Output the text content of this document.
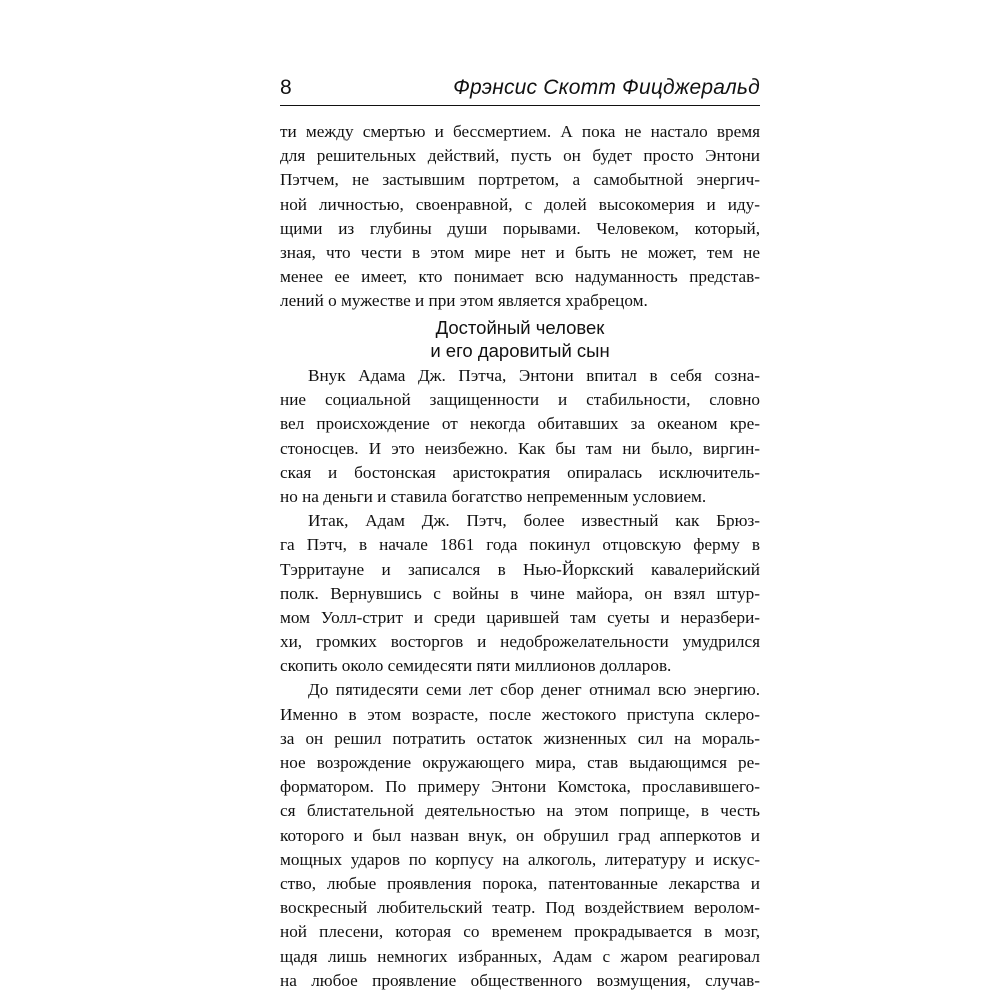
8	Фрэнсис Скотт Фицджеральд
ти между смертью и бессмертием. А пока не настало время
для решительных действий, пусть он будет просто Энтони
Пэтчем, не застывшим портретом, а самобытной энергич-
ной личностью, своенравной, с долей высокомерия и иду-
щими из глубины души порывами. Человеком, который,
зная, что чести в этом мире нет и быть не может, тем не
менее ее имеет, кто понимает всю надуманность представ-
лений о мужестве и при этом является храбрецом.
Достойный человек
и его даровитый сын
Внук Адама Дж. Пэтча, Энтони впитал в себя созна-
ние социальной защищенности и стабильности, словно
вел происхождение от некогда обитавших за океаном кре-
стоносцев. И это неизбежно. Как бы там ни было, виргин-
ская и бостонская аристократия опиралась исключитель-
но на деньги и ставила богатство непременным условием.
Итак, Адам Дж. Пэтч, более известный как Брюз-
га Пэтч, в начале 1861 года покинул отцовскую ферму в
Тэрритауне и записался в Нью-Йоркский кавалерийский
полк. Вернувшись с войны в чине майора, он взял штур-
мом Уолл-стрит и среди царившей там суеты и неразбери-
хи, громких восторгов и недоброжелательности умудрился
скопить около семидесяти пяти миллионов долларов.
До пятидесяти семи лет сбор денег отнимал всю энергию.
Именно в этом возрасте, после жестокого приступа склеро-
за он решил потратить остаток жизненных сил на мораль-
ное возрождение окружающего мира, став выдающимся ре-
форматором. По примеру Энтони Комстока, прославившего-
ся блистательной деятельностью на этом поприще, в честь
которого и был назван внук, он обрушил град апперкотов и
мощных ударов по корпусу на алкоголь, литературу и искус-
ство, любые проявления порока, патентованные лекарства и
воскресный любительский театр. Под воздействием веролом-
ной плесени, которая со временем прокрадывается в мозг,
щадя лишь немногих избранных, Адам с жаром реагировал
на любое проявление общественного возмущения, случав-
